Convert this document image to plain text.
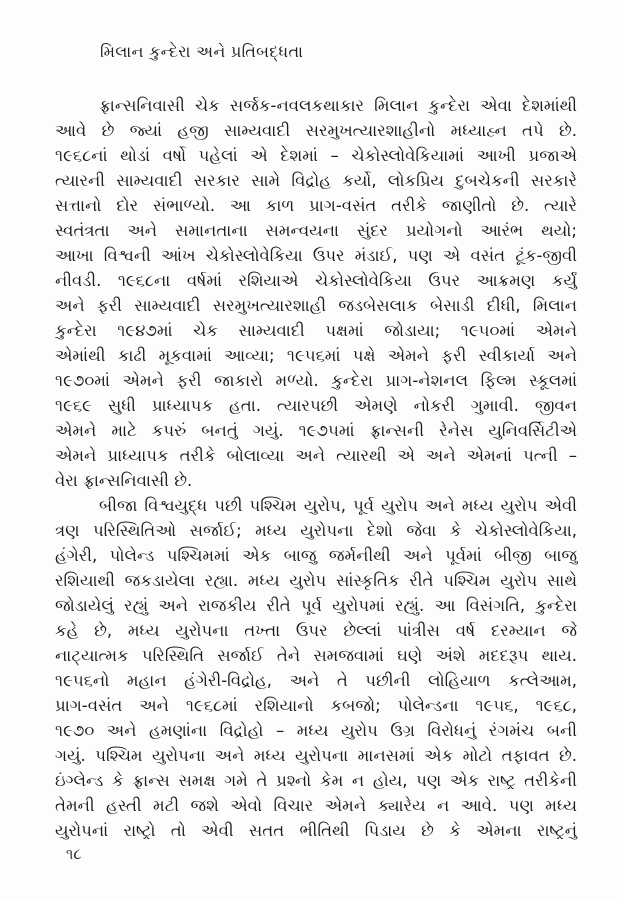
મિલાન કુન્દેરા અને પ્રતિબદ્ધતા
ફ્રાન્સનિવાસી ચેક સર્જક-નવલકથાકાર મિલાન કુન્દેરા એવા દેશમાંથી
આવે છે જ્યાં હજી સામ્યવાદી સરમુખત્યારશાહીનો મધ્યાહ્ન તપે છે.
૧૯૬૮નાં થોડાં વર્ષો પહેલાં એ દેશમાં – ચેકોસ્લોવેકિયામાં આખી પ્રજાએ
ત્યારની સામ્યવાદી સરકાર સામે વિદ્રોહ કર્યો, લોકપ્રિય દુબચેકની સરકારે
સત્તાનો દોર સંભાળ્યો. આ કાળ પ્રાગ-વસંત તરીકે જાણીતો છે. ત્યારે
સ્વતંત્રતા અને સમાનતાના સમન્વયના સુંદર પ્રયોગનો આરંભ થયો;
આખા વિશ્વની આંખ ચેકોસ્લોવેકિયા ઉપર મંડાઈ, પણ એ વસંત ટૂંક-જીવી
નીવડી. ૧૯૬૮ના વર્ષમાં રશિયાએ ચેકોસ્લોવેકિયા ઉપર આક્રમણ કર્યું
અને ફરી સામ્યવાદી સરમુખત્યારશાહી જડબેસલાક બેસાડી દીધી, મિલાન
કુન્દેરા ૧૯૪૭માં ચેક સામ્યવાદી પક્ષમાં જોડાયા; ૧૯૫૦માં એમને
એમાંથી કાઢી મૂકવામાં આવ્યા; ૧૯૫૬માં પક્ષે એમને ફરી સ્વીકાર્યા અને
૧૯૭૦માં એમને ફરી જાકારો મળ્યો. કુન્દેરા પ્રાગ-નેશનલ ફિલ્મ સ્કૂલમાં
૧૯૬૯ સુધી પ્રાધ્યાપક હતા. ત્યારપછી એમણે નોકરી ગુમાવી. જીવન
એમને માટે કપરું બનતું ગયું. ૧૯૭૫માં ફ્રાન્સની રેનેસ યુનિવર્સિટીએ
એમને પ્રાધ્યાપક તરીકે બોલાવ્યા અને ત્યારથી એ અને એમનાં પત્ની –
વેરા ફ્રાન્સનિવાસી છે.
બીજા વિશ્વયુદ્ધ પછી પશ્ચિમ યુરોપ, પૂર્વ યુરોપ અને મધ્ય યુરોપ એવી
ત્રણ પરિસ્થિતિઓ સર્જાઈ; મધ્ય યુરોપના દેશો જેવા કે ચેકોસ્લોવેકિયા,
હંગેરી, પોલેન્ડ પશ્ચિમમાં એક બાજુ જર્મનીથી અને પૂર્વમાં બીજી બાજુ
રશિયાથી જકડાયેલા રહ્યા. મધ્ય યુરોપ સાંસ્કૃતિક રીતે પશ્ચિમ યુરોપ સાથે
જોડાયેલું રહ્યું અને રાજકીય રીતે પૂર્વ યુરોપમાં રહ્યું. આ વિસંગતિ, કુન્દેરા
કહે છે, મધ્ય યુરોપના તખ્તા ઉપર છેલ્લાં પાંત્રીસ વર્ષ દરમ્યાન જે
નાટ્યાત્મક પરિસ્થિતિ સર્જાઈ તેને સમજવામાં ઘણે અંશે મદદરૂપ થાય.
૧૯૫૬નો મહાન હંગેરી-વિદ્રોહ, અને તે પછીની લોહિયાળ કત્લેઆમ,
પ્રાગ-વસંત અને ૧૯૬૮માં રશિયાનો કબજો; પોલેન્ડના ૧૯૫૬, ૧૯૬૮,
૧૯૭૦ અને હમણાંના વિદ્રોહો – મધ્ય યુરોપ ઉગ્ર વિરોધનું રંગમંચ બની
ગયું. પશ્ચિમ યુરોપના અને મધ્ય યુરોપના માનસમાં એક મોટો તફાવત છે.
ઇંગ્લેન્ડ કે ફ્રાન્સ સમક્ષ ગમે તે પ્રશ્નો કેમ ન હોય, પણ એક રાષ્ટ્ર તરીકેની
તેમની હસ્તી મટી જશે એવો વિચાર એમને ક્યારેય ન આવે. પણ મધ્ય
યુરોપનાં રાષ્ટ્રો તો એવી સતત ભીતિથી પિડાય છે કે એમના રાષ્ટ્રનું
૧૮
